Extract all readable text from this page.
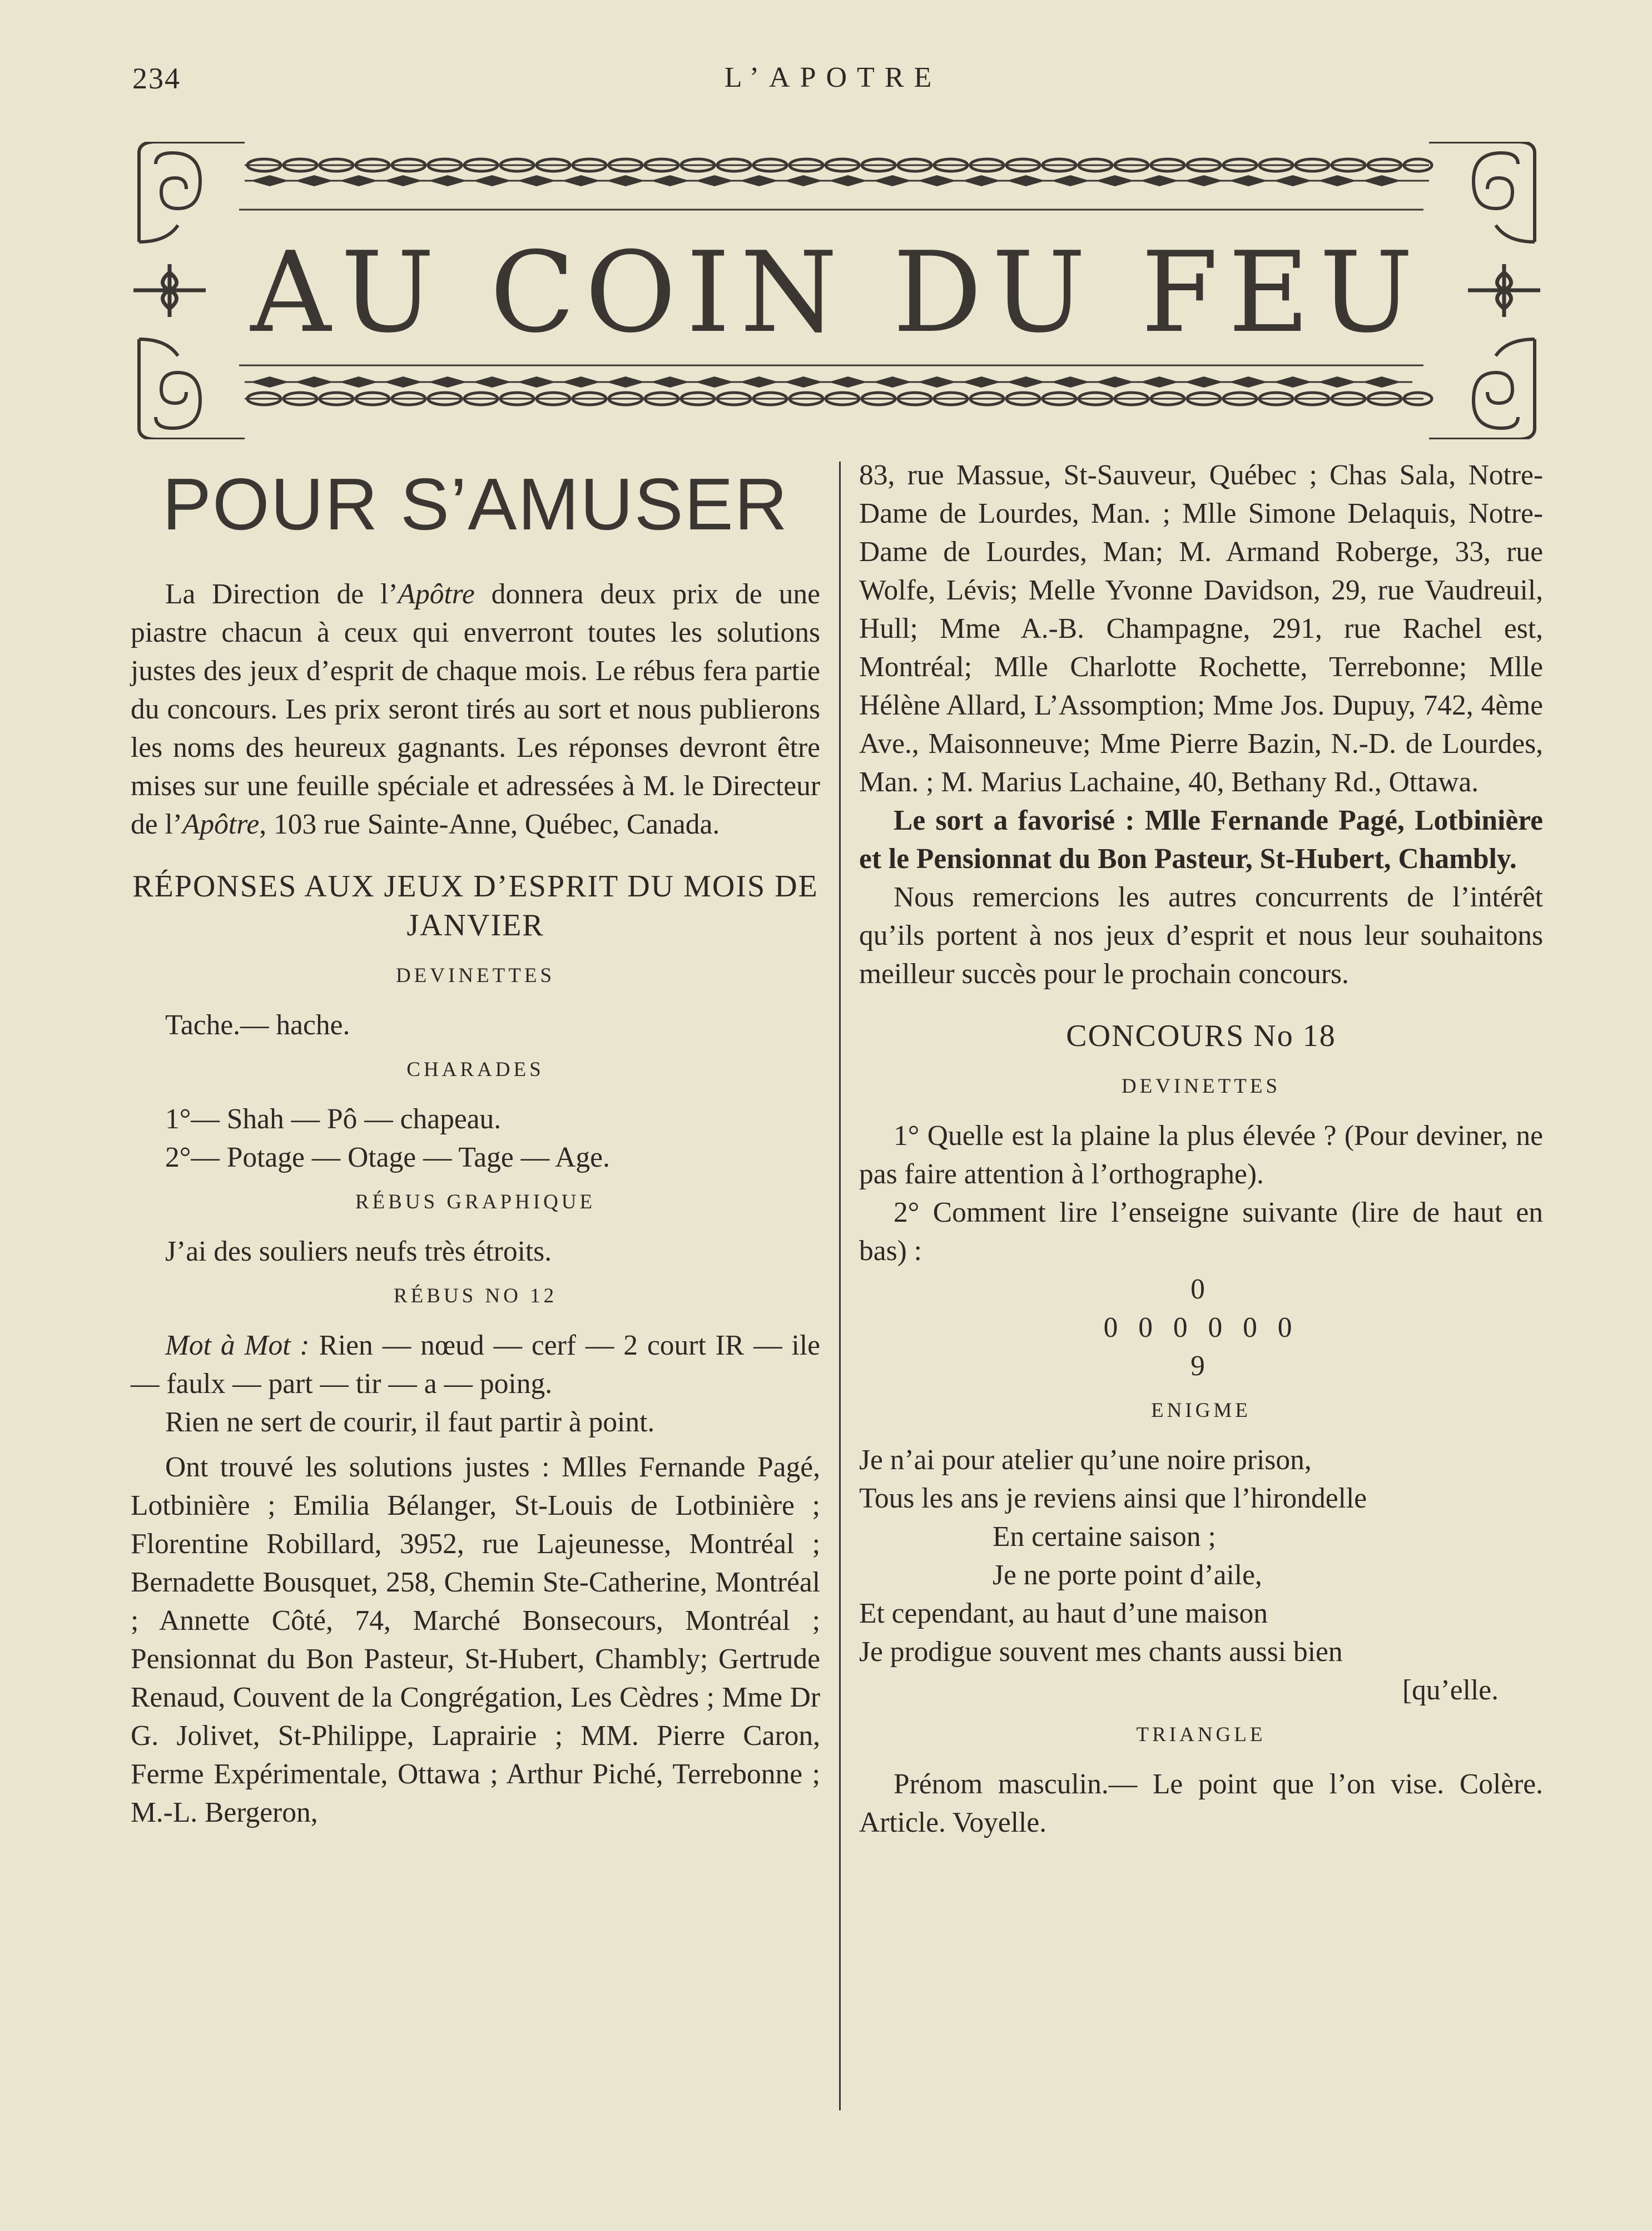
234	L’APOTRE
AU COIN DU FEU
POUR S’AMUSER

La Direction de l’Apôtre donnera deux prix de une piastre chacun à ceux qui enverront toutes les solutions justes des jeux d’esprit de chaque mois. Le rébus fera partie du concours. Les prix seront tirés au sort et nous publierons les noms des heureux gagnants. Les réponses devront être mises sur une feuille spéciale et adressées à M. le Directeur de l’Apôtre, 103 rue Sainte-Anne, Québec, Canada.

RÉPONSES AUX JEUX D’ESPRIT DU MOIS DE JANVIER
DEVINETTES

Tache.— hache.

CHARADES

1°— Shah — Pô — chapeau.

2°— Potage — Otage — Tage — Age.

RÉBUS GRAPHIQUE

J’ai des souliers neufs très étroits.

RÉBUS NO 12

Mot à Mot : Rien — nœud — cerf — 2 court IR — ile — faulx — part — tir — a — poing.

Rien ne sert de courir, il faut partir à point.

Ont trouvé les solutions justes : Mlles Fernande Pagé, Lotbinière ; Emilia Bélanger, St-Louis de Lotbinière ; Florentine Robillard, 3952, rue Lajeunesse, Montréal ; Bernadette Bousquet, 258, Chemin Ste-Catherine, Montréal ; Annette Côté, 74, Marché Bonsecours, Montréal ; Pensionnat du Bon Pasteur, St-Hubert, Chambly; Gertrude Renaud, Couvent de la Congrégation, Les Cèdres ; Mme Dr G. Jolivet, St-Philippe, Laprairie ; MM. Pierre Caron, Ferme Expérimentale, Ottawa ; Arthur Piché, Terrebonne ; M.-L. Bergeron,

83, rue Massue, St-Sauveur, Québec ; Chas Sala, Notre-Dame de Lourdes, Man. ; Mlle Simone Delaquis, Notre-Dame de Lourdes, Man; M. Armand Roberge, 33, rue Wolfe, Lévis; Melle Yvonne Davidson, 29, rue Vaudreuil, Hull; Mme A.-B. Champagne, 291, rue Rachel est, Montréal; Mlle Charlotte Rochette, Terrebonne; Mlle Hélène Allard, L’Assomption; Mme Jos. Dupuy, 742, 4ème Ave., Maisonneuve; Mme Pierre Bazin, N.-D. de Lourdes, Man. ; M. Marius Lachaine, 40, Bethany Rd., Ottawa.

Le sort a favorisé : Mlle Fernande Pagé, Lotbinière et le Pensionnat du Bon Pasteur, St-Hubert, Chambly.

Nous remercions les autres concurrents de l’intérêt qu’ils portent à nos jeux d’esprit et nous leur souhaitons meilleur succès pour le prochain concours.

CONCOURS No 18
DEVINETTES

1° Quelle est la plaine la plus élevée ? (Pour deviner, ne pas faire attention à l’orthographe).

2° Comment lire l’enseigne suivante (lire de haut en bas) :

0
0 0 0 0 0 0
9
ENIGME
Je n’ai pour atelier qu’une noire prison,
Tous les ans je reviens ainsi que l’hirondelle
En certaine saison ;
Je ne porte point d’aile,
Et cependant, au haut d’une maison
Je prodigue souvent mes chants aussi bien
[qu’elle.
TRIANGLE

Prénom masculin.— Le point que l’on vise. Colère. Article. Voyelle.
